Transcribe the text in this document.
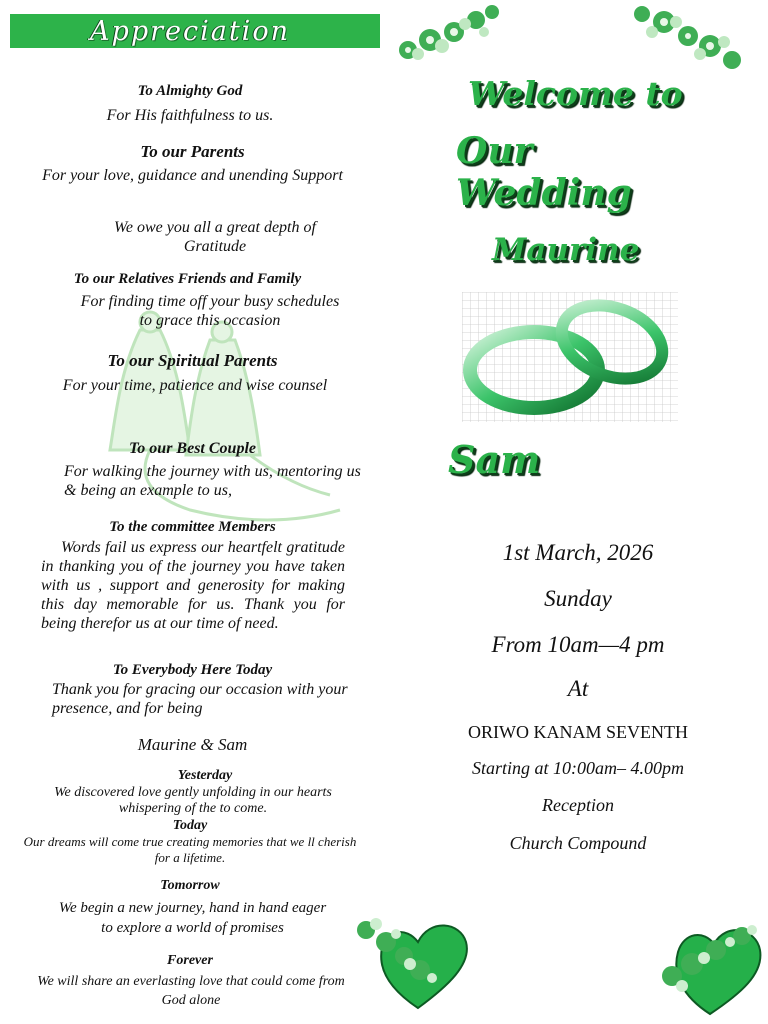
Appreciation
To Almighty God
For His faithfulness to us.
To our Parents
For your love, guidance and unending Support
We owe you all a great depth of Gratitude
To our Relatives Friends and Family
For finding time off your busy schedules to grace this occasion
To our Spiritual Parents
For your time, patience and wise counsel
To our Best Couple
For walking the journey with us, mentoring us & being an example to us,
To the committee Members
Words fail us express our heartfelt gratitude in thanking you of the journey you have taken with us , support and generosity for making this day memorable for us. Thank you for being therefor us at our time of need.
To Everybody Here Today
Thank you for gracing our occasion with your presence, and for being
Maurine & Sam
Yesterday
We discovered love gently unfolding in our hearts whispering of the to come.
Today
Our dreams will come true creating memories that we ll cherish for a lifetime.
Tomorrow
We begin a new journey, hand in hand eager to explore a world of promises
Forever
We will share an everlasting love that could come from God alone
Welcome to
Our Wedding
Maurine
Sam
1st March, 2026
Sunday
From 10am—4 pm
At
ORIWO KANAM SEVENTH
Starting at 10:00am– 4.00pm
Reception
Church Compound
